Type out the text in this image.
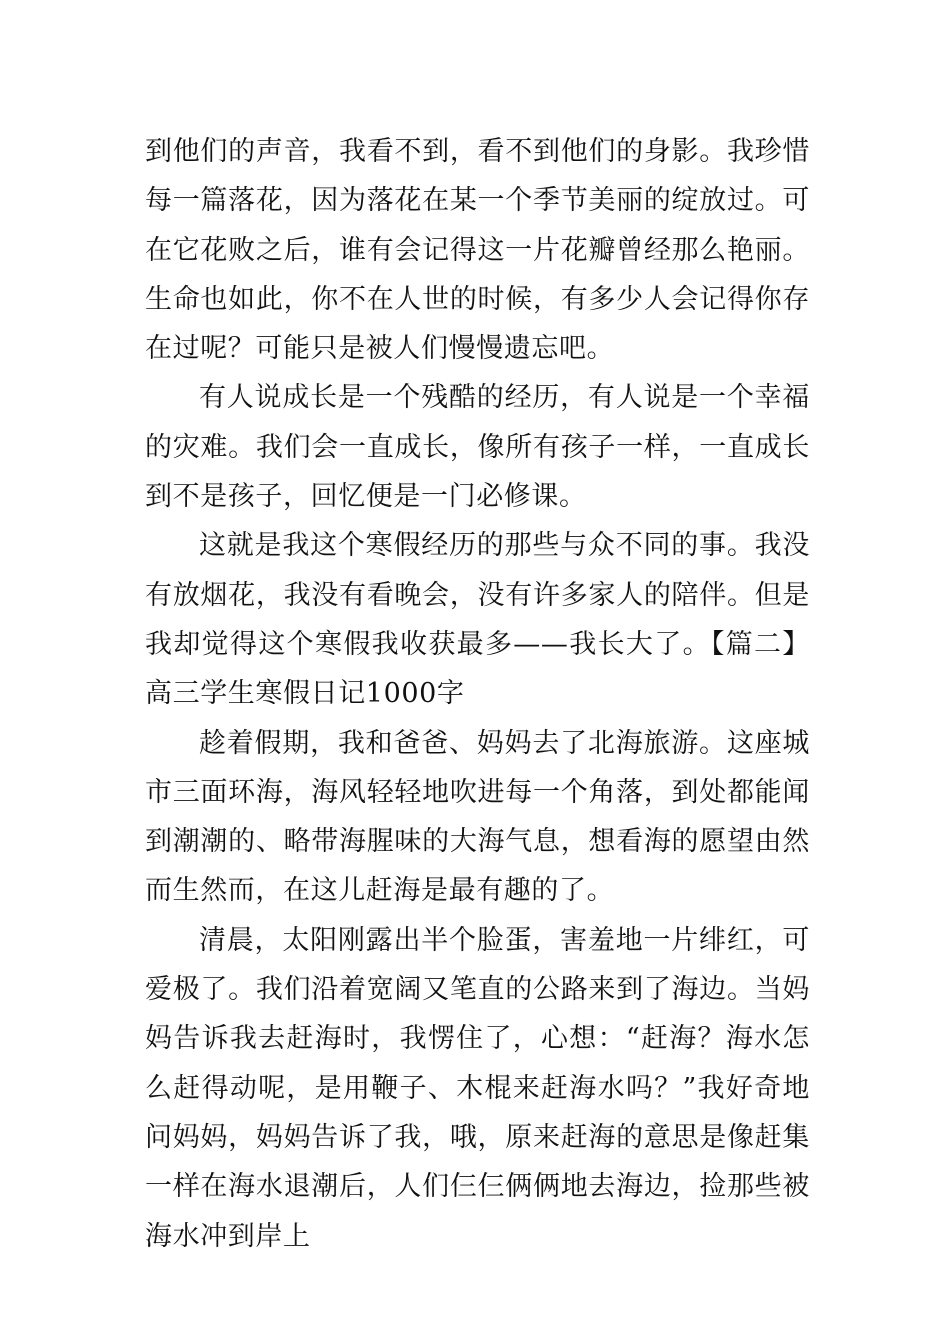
到他们的声音，我看不到，看不到他们的身影。我珍惜每一篇落花，因为落花在某一个季节美丽的绽放过。可在它花败之后，谁有会记得这一片花瓣曾经那么艳丽。生命也如此，你不在人世的时候，有多少人会记得你存在过呢？可能只是被人们慢慢遗忘吧。

有人说成长是一个残酷的经历，有人说是一个幸福的灾难。我们会一直成长，像所有孩子一样，一直成长到不是孩子，回忆便是一门必修课。

这就是我这个寒假经历的那些与众不同的事。我没有放烟花，我没有看晚会，没有许多家人的陪伴。但是我却觉得这个寒假我收获最多——我长大了。【篇二】高三学生寒假日记1000字

趁着假期，我和爸爸、妈妈去了北海旅游。这座城市三面环海，海风轻轻地吹进每一个角落，到处都能闻到潮潮的、略带海腥味的大海气息，想看海的愿望由然而生然而，在这儿赶海是最有趣的了。

清晨，太阳刚露出半个脸蛋，害羞地一片绯红，可爱极了。我们沿着宽阔又笔直的公路来到了海边。当妈妈告诉我去赶海时，我愣住了，心想：“赶海？海水怎么赶得动呢，是用鞭子、木棍来赶海水吗？”我好奇地问妈妈，妈妈告诉了我，哦，原来赶海的意思是像赶集一样在海水退潮后，人们仨仨俩俩地去海边，捡那些被海水冲到岸上
